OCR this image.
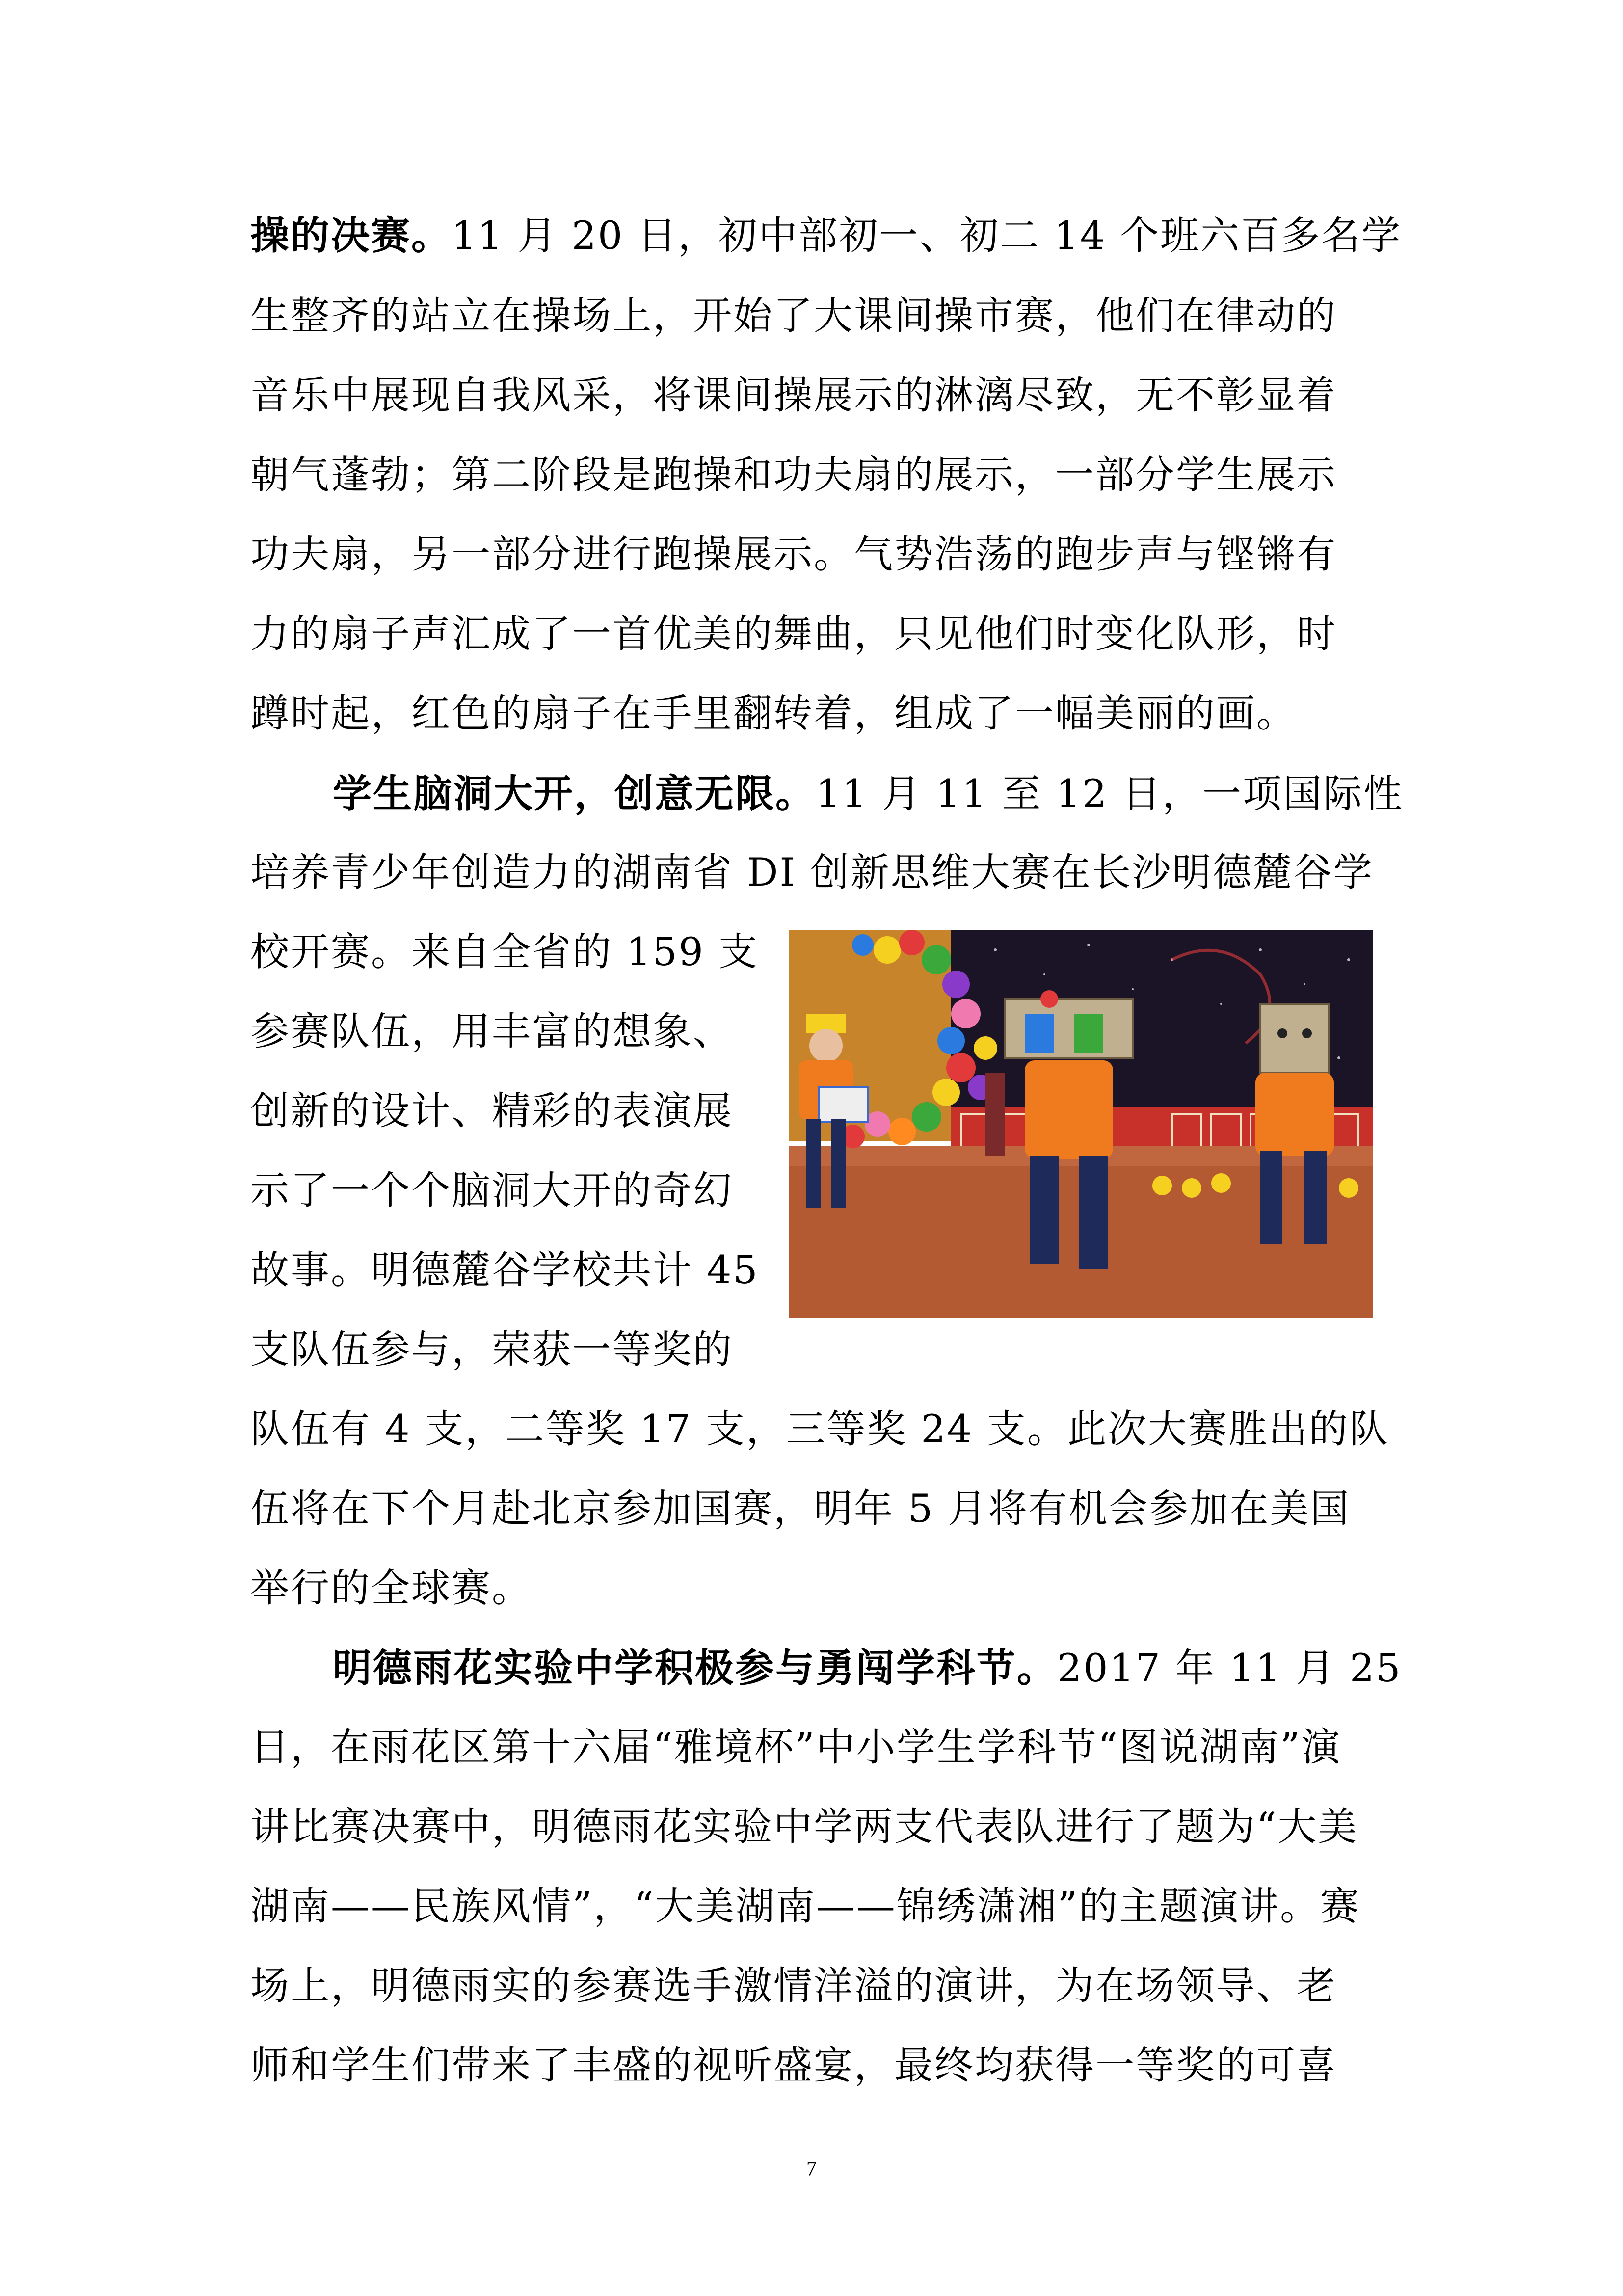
操的决赛。11 月 20 日，初中部初一、初二 14 个班六百多名学
生整齐的站立在操场上，开始了大课间操市赛，他们在律动的
音乐中展现自我风采，将课间操展示的淋漓尽致，无不彰显着
朝气蓬勃；第二阶段是跑操和功夫扇的展示，一部分学生展示
功夫扇，另一部分进行跑操展示。气势浩荡的跑步声与铿锵有
力的扇子声汇成了一首优美的舞曲，只见他们时变化队形，时
蹲时起，红色的扇子在手里翻转着，组成了一幅美丽的画。
学生脑洞大开，创意无限。11 月 11 至 12 日，一项国际性
培养青少年创造力的湖南省 DI 创新思维大赛在长沙明德麓谷学
校开赛。来自全省的 159 支
参赛队伍，用丰富的想象、
创新的设计、精彩的表演展
示了一个个脑洞大开的奇幻
故事。明德麓谷学校共计 45
支队伍参与，荣获一等奖的
队伍有 4 支，二等奖 17 支，三等奖 24 支。此次大赛胜出的队
伍将在下个月赴北京参加国赛，明年 5 月将有机会参加在美国
举行的全球赛。
明德雨花实验中学积极参与勇闯学科节。2017 年 11 月 25
日，在雨花区第十六届“雅境杯”中小学生学科节“图说湖南”演
讲比赛决赛中，明德雨花实验中学两支代表队进行了题为“大美
湖南——民族风情”，“大美湖南——锦绣潇湘”的主题演讲。赛
场上，明德雨实的参赛选手激情洋溢的演讲，为在场领导、老
师和学生们带来了丰盛的视听盛宴，最终均获得一等奖的可喜
7
